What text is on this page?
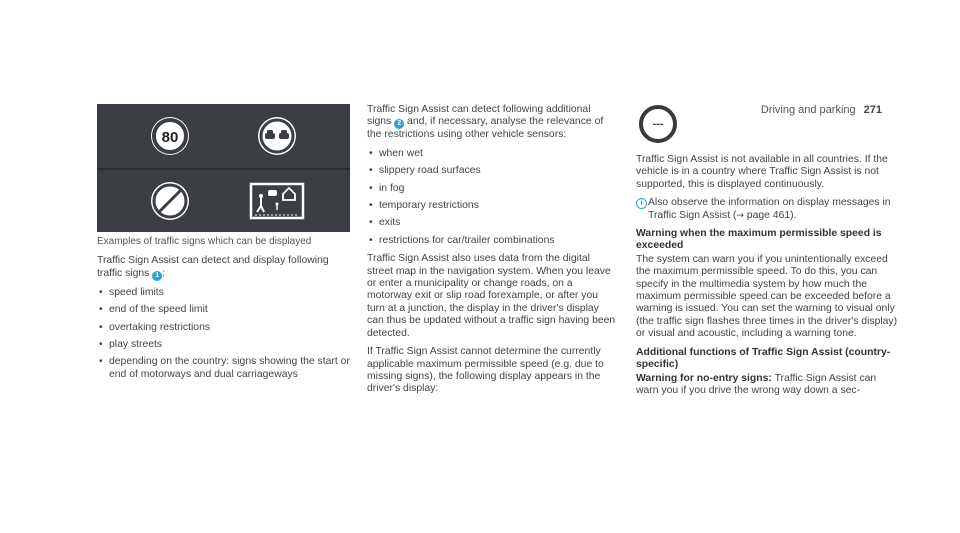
Driving and parking 271
80
Examples of traffic signs which can be displayed

Traffic Sign Assist can detect and display following traffic signs 1 :

• speed limits
• end of the speed limit
• overtaking restrictions
• play streets
• depending on the country: signs showing the start or end of motorways and dual carriageways

Traffic Sign Assist can detect following additional signs 2 and, if necessary, analyse the relevance of the restrictions using other vehicle sensors:

• when wet
• slippery road surfaces
• in fog
• temporary restrictions
• exits
• restrictions for car/trailer combinations

Traffic Sign Assist also uses data from the digital street map in the navigation system. When you leave or enter a municipality or change roads, on a motorway exit or slip road forexample, or after you turn at a junction, the display in the driver's display can thus be updated without a traffic sign having been detected.

If Traffic Sign Assist cannot determine the currently applicable maximum permissible speed (e.g. due to missing signs), the following display appears in the driver's display:

---

Traffic Sign Assist is not available in all countries. If the vehicle is in a country where Traffic Sign Assist is not supported, this is displayed continuously.

i Also observe the information on display messages in Traffic Sign Assist (→ page 461).

Warning when the maximum permissible speed is exceeded

The system can warn you if you unintentionally exceed the maximum permissible speed. To do this, you can specify in the multimedia system by how much the maximum permissible speed can be exceeded before a warning is issued. You can set the warning to visual only (the traffic sign flashes three times in the driver's display) or visual and acoustic, including a warning tone.

Additional functions of Traffic Sign Assist (country-specific)

Warning for no-entry signs: Traffic Sign Assist can warn you if you drive the wrong way down a sec-
